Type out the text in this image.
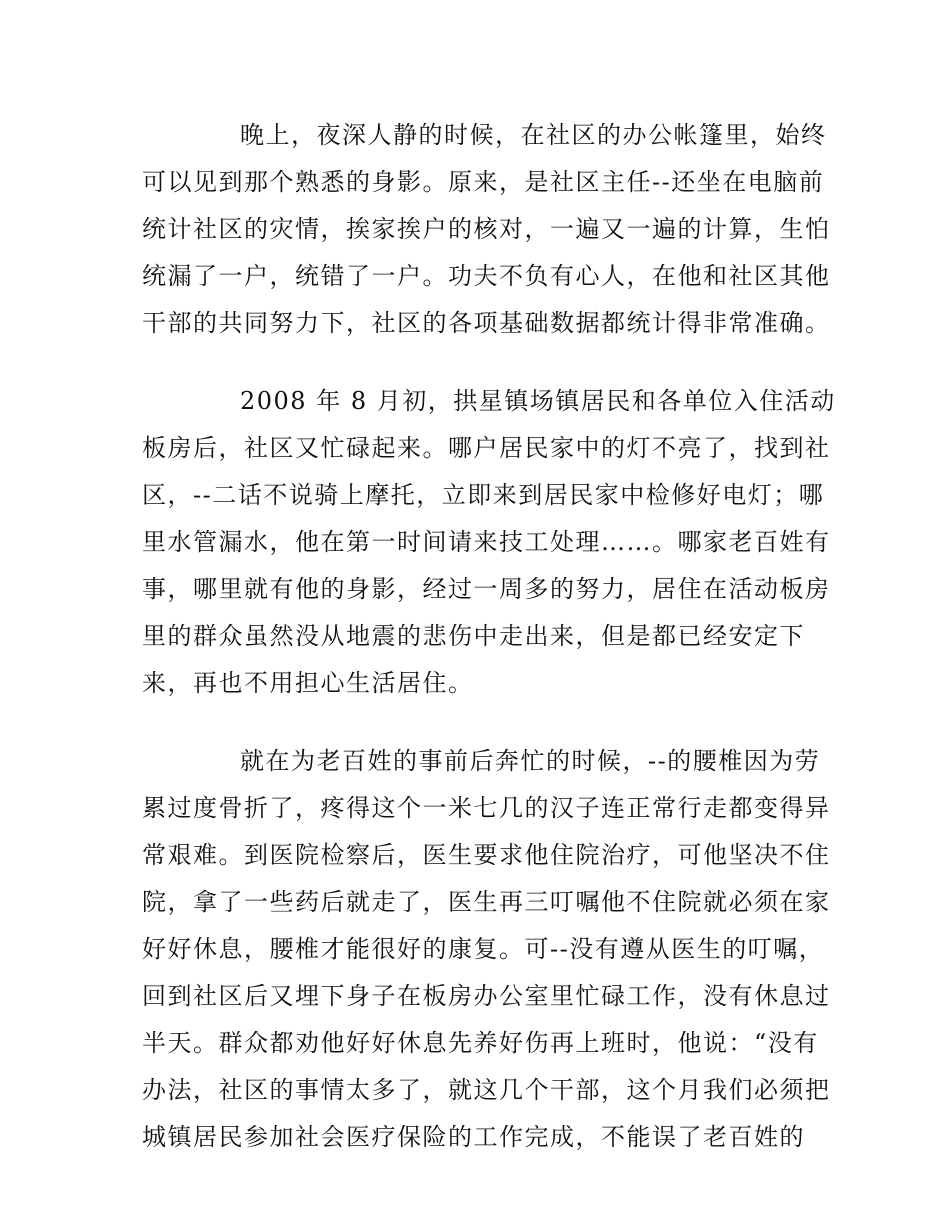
晚上，夜深人静的时候，在社区的办公帐篷里，始终

可以见到那个熟悉的身影。原来，是社区主任--还坐在电脑前

统计社区的灾情，挨家挨户的核对，一遍又一遍的计算，生怕

统漏了一户，统错了一户。功夫不负有心人，在他和社区其他

干部的共同努力下，社区的各项基础数据都统计得非常准确。

2008 年 8 月初，拱星镇场镇居民和各单位入住活动

板房后，社区又忙碌起来。哪户居民家中的灯不亮了，找到社

区，--二话不说骑上摩托，立即来到居民家中检修好电灯；哪

里水管漏水，他在第一时间请来技工处理……。哪家老百姓有

事，哪里就有他的身影，经过一周多的努力，居住在活动板房

里的群众虽然没从地震的悲伤中走出来，但是都已经安定下

来，再也不用担心生活居住。

就在为老百姓的事前后奔忙的时候，--的腰椎因为劳

累过度骨折了，疼得这个一米七几的汉子连正常行走都变得异

常艰难。到医院检察后，医生要求他住院治疗，可他坚决不住

院，拿了一些药后就走了，医生再三叮嘱他不住院就必须在家

好好休息，腰椎才能很好的康复。可--没有遵从医生的叮嘱，

回到社区后又埋下身子在板房办公室里忙碌工作，没有休息过

半天。群众都劝他好好休息先养好伤再上班时，他说：“没有

办法，社区的事情太多了，就这几个干部，这个月我们必须把

城镇居民参加社会医疗保险的工作完成，不能误了老百姓的
